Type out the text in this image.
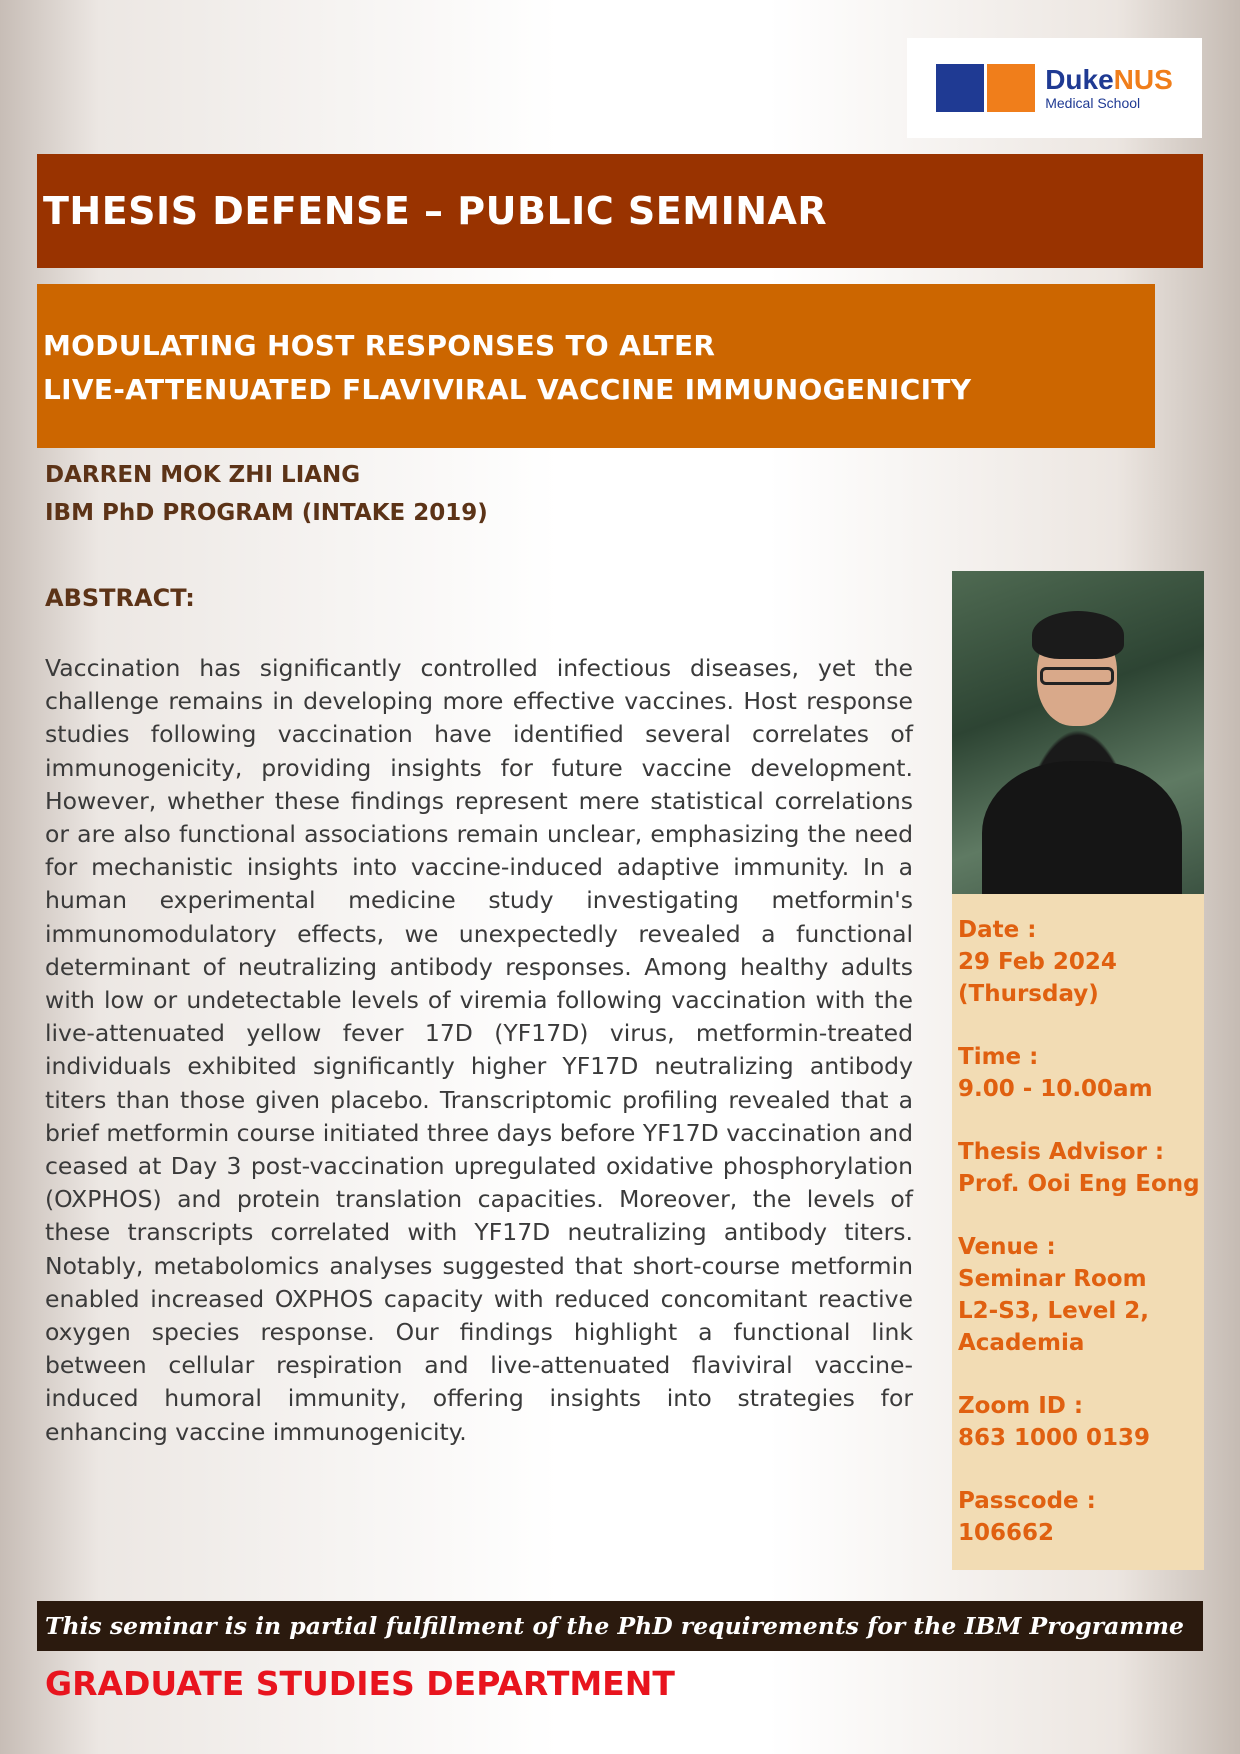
DukeNUS
Medical School
THESIS DEFENSE – PUBLIC SEMINAR
MODULATING HOST RESPONSES TO ALTER
LIVE-ATTENUATED FLAVIVIRAL VACCINE IMMUNOGENICITY
DARREN MOK ZHI LIANG
IBM PhD PROGRAM (INTAKE 2019)
ABSTRACT:
Vaccination has significantly controlled infectious diseases, yet the challenge remains in developing more effective vaccines. Host response studies following vaccination have identified several correlates of immunogenicity, providing insights for future vaccine development. However, whether these findings represent mere statistical correlations or are also functional associations remain unclear, emphasizing the need for mechanistic insights into vaccine-induced adaptive immunity. In a human experimental medicine study investigating metformin's immunomodulatory effects, we unexpectedly revealed a functional determinant of neutralizing antibody responses. Among healthy adults with low or undetectable levels of viremia following vaccination with the live-attenuated yellow fever 17D (YF17D) virus, metformin-treated individuals exhibited significantly higher YF17D neutralizing antibody titers than those given placebo. Transcriptomic profiling revealed that a brief metformin course initiated three days before YF17D vaccination and ceased at Day 3 post-vaccination upregulated oxidative phosphorylation (OXPHOS) and protein translation capacities. Moreover, the levels of these transcripts correlated with YF17D neutralizing antibody titers. Notably, metabolomics analyses suggested that short-course metformin enabled increased OXPHOS capacity with reduced concomitant reactive oxygen species response. Our findings highlight a functional link between cellular respiration and live-attenuated flaviviral vaccine-induced humoral immunity, offering insights into strategies for enhancing vaccine immunogenicity.
Date :
29 Feb 2024
(Thursday)
Time :
9.00 - 10.00am
Thesis Advisor :
Prof. Ooi Eng Eong
Venue :
Seminar Room
L2-S3, Level 2,
Academia
Zoom ID :
863 1000 0139
Passcode :
106662
This seminar is in partial fulfillment of the PhD requirements for the IBM Programme
GRADUATE STUDIES DEPARTMENT
